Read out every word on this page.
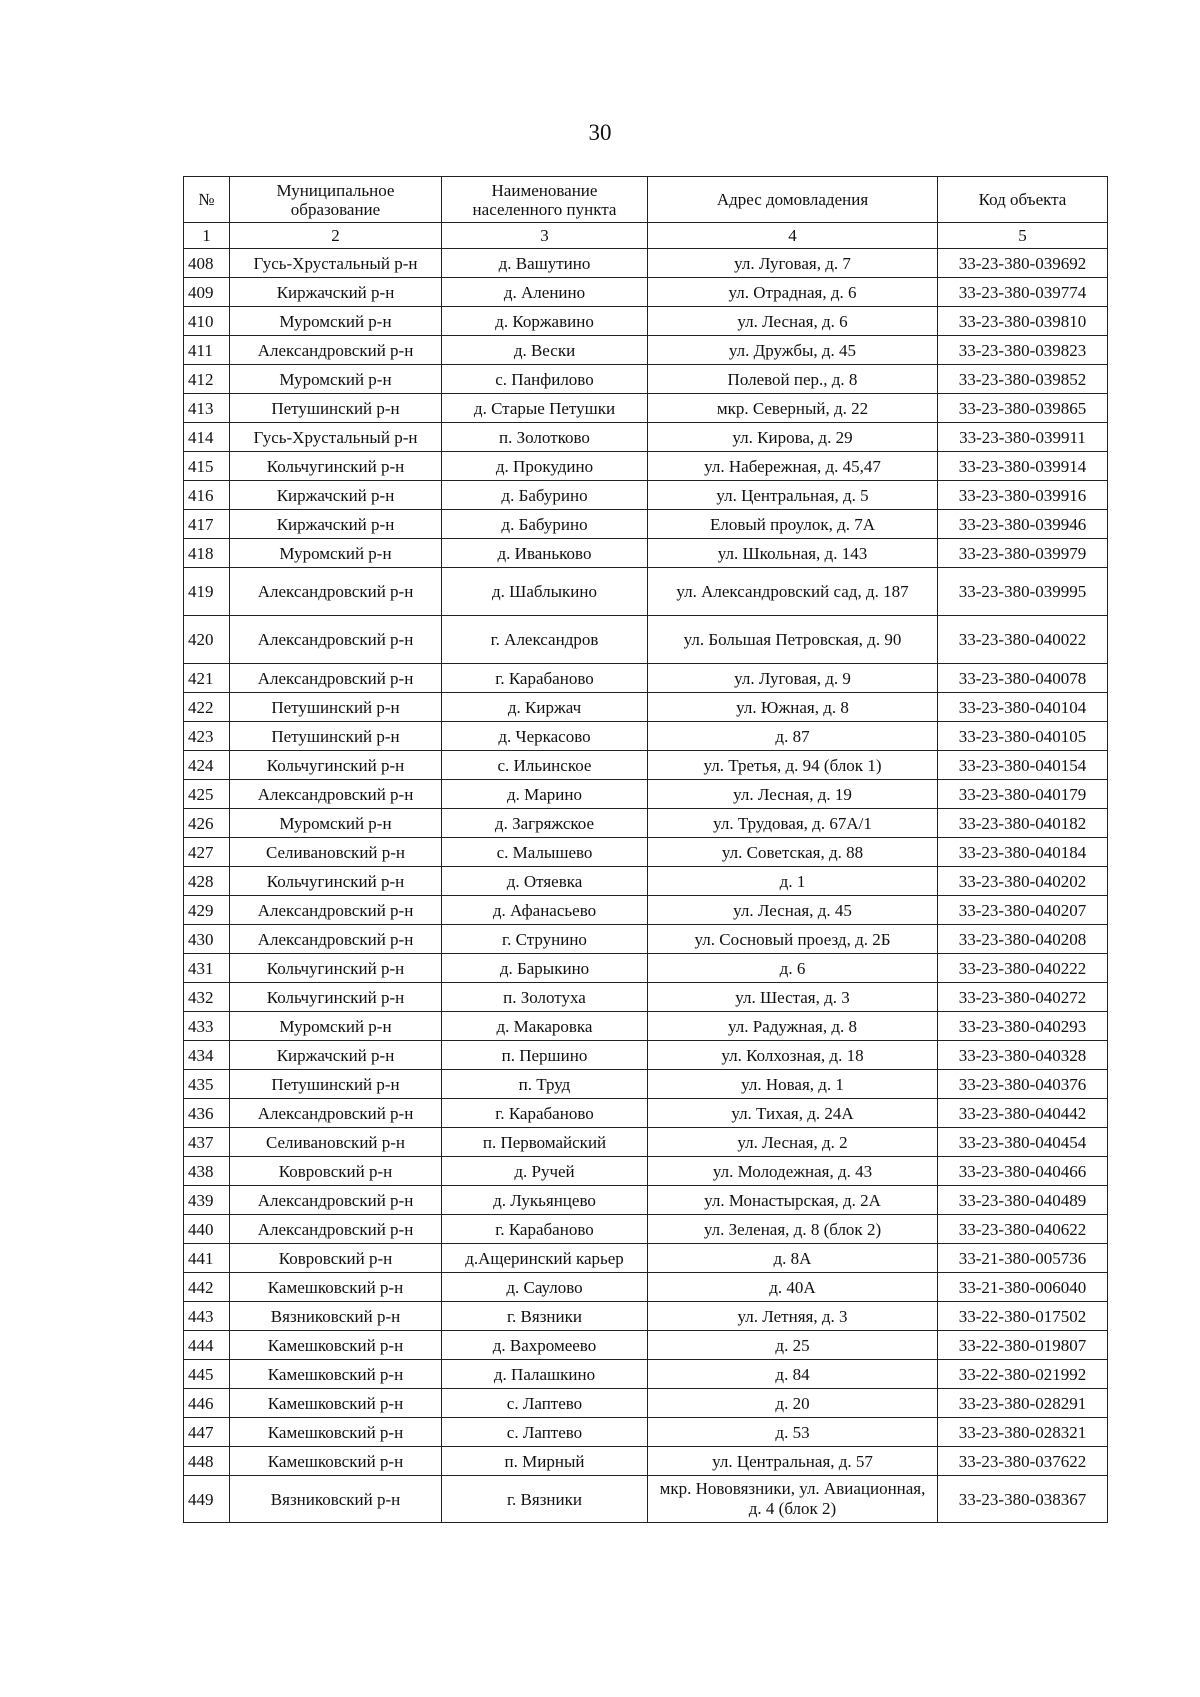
30
№	Муниципальное образование	Наименование населенного пункта	Адрес домовладения	Код объекта
1	2	3	4	5
408	Гусь-Хрустальный р-н	д. Вашутино	ул. Луговая, д. 7	33-23-380-039692
409	Киржачский р-н	д. Аленино	ул. Отрадная, д. 6	33-23-380-039774
410	Муромский р-н	д. Коржавино	ул. Лесная, д. 6	33-23-380-039810
411	Александровский р-н	д. Вески	ул. Дружбы, д. 45	33-23-380-039823
412	Муромский р-н	с. Панфилово	Полевой пер., д. 8	33-23-380-039852
413	Петушинский р-н	д. Старые Петушки	мкр. Северный, д. 22	33-23-380-039865
414	Гусь-Хрустальный р-н	п. Золотково	ул. Кирова, д. 29	33-23-380-039911
415	Кольчугинский р-н	д. Прокудино	ул. Набережная, д. 45,47	33-23-380-039914
416	Киржачский р-н	д. Бабурино	ул. Центральная, д. 5	33-23-380-039916
417	Киржачский р-н	д. Бабурино	Еловый проулок, д. 7А	33-23-380-039946
418	Муромский р-н	д. Иваньково	ул. Школьная, д. 143	33-23-380-039979
419	Александровский р-н	д. Шаблыкино	ул. Александровский сад, д. 187	33-23-380-039995
420	Александровский р-н	г. Александров	ул. Большая Петровская, д. 90	33-23-380-040022
421	Александровский р-н	г. Карабаново	ул. Луговая, д. 9	33-23-380-040078
422	Петушинский р-н	д. Киржач	ул. Южная, д. 8	33-23-380-040104
423	Петушинский р-н	д. Черкасово	д. 87	33-23-380-040105
424	Кольчугинский р-н	с. Ильинское	ул. Третья, д. 94 (блок 1)	33-23-380-040154
425	Александровский р-н	д. Марино	ул. Лесная, д. 19	33-23-380-040179
426	Муромский р-н	д. Загряжское	ул. Трудовая, д. 67А/1	33-23-380-040182
427	Селивановский р-н	с. Малышево	ул. Советская, д. 88	33-23-380-040184
428	Кольчугинский р-н	д. Отяевка	д. 1	33-23-380-040202
429	Александровский р-н	д. Афанасьево	ул. Лесная, д. 45	33-23-380-040207
430	Александровский р-н	г. Струнино	ул. Сосновый проезд, д. 2Б	33-23-380-040208
431	Кольчугинский р-н	д. Барыкино	д. 6	33-23-380-040222
432	Кольчугинский р-н	п. Золотуха	ул. Шестая, д. 3	33-23-380-040272
433	Муромский р-н	д. Макаровка	ул. Радужная, д. 8	33-23-380-040293
434	Киржачский р-н	п. Першино	ул. Колхозная, д. 18	33-23-380-040328
435	Петушинский р-н	п. Труд	ул. Новая, д. 1	33-23-380-040376
436	Александровский р-н	г. Карабаново	ул. Тихая, д. 24А	33-23-380-040442
437	Селивановский р-н	п. Первомайский	ул. Лесная, д. 2	33-23-380-040454
438	Ковровский р-н	д. Ручей	ул. Молодежная, д. 43	33-23-380-040466
439	Александровский р-н	д. Лукьянцево	ул. Монастырская, д. 2А	33-23-380-040489
440	Александровский р-н	г. Карабаново	ул. Зеленая, д. 8 (блок 2)	33-23-380-040622
441	Ковровский р-н	д.Ащеринский карьер	д. 8А	33-21-380-005736
442	Камешковский р-н	д. Саулово	д. 40А	33-21-380-006040
443	Вязниковский р-н	г. Вязники	ул. Летняя, д. 3	33-22-380-017502
444	Камешковский р-н	д. Вахромеево	д. 25	33-22-380-019807
445	Камешковский р-н	д. Палашкино	д. 84	33-22-380-021992
446	Камешковский р-н	с. Лаптево	д. 20	33-23-380-028291
447	Камешковский р-н	с. Лаптево	д. 53	33-23-380-028321
448	Камешковский р-н	п. Мирный	ул. Центральная, д. 57	33-23-380-037622
449	Вязниковский р-н	г. Вязники	мкр. Нововязники, ул. Авиационная, д. 4 (блок 2)	33-23-380-038367
